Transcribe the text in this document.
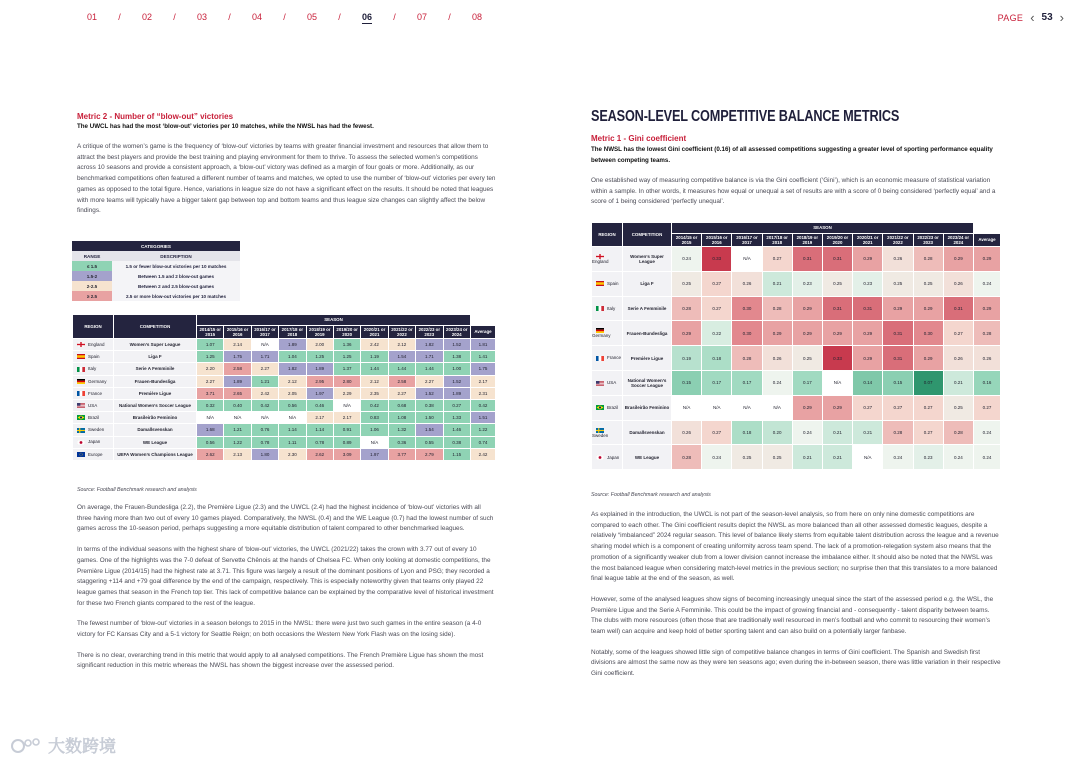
01	/	02	/	03	/	04	/	05	/	06	/	07	/	08	PAGE ‹ 53 ›
Metric 2 - Number of “blow-out” victories
The UWCL has had the most ‘blow-out’ victories per 10 matches, while the NWSL has had the fewest.
A critique of the women’s game is the frequency of ‘blow-out’ victories by teams with greater financial investment and resources that allow them to attract the best players and provide the best training and playing environment for them to thrive. To assess the selected women’s competitions across 10 seasons and provide a consistent approach, a ‘blow-out’ victory was defined as a margin of four goals or more. Additionally, as our benchmarked competitions often featured a different number of teams and matches, we opted to use the number of ‘blow-out’ victories per every ten games as opposed to the total figure. Hence, variations in league size do not have a significant effect on the results. It should be noted that leagues with more teams will typically have a bigger talent gap between top and bottom teams and thus league size changes can slightly affect the below findings.
CATEGORIES	
RANGE	DESCRIPTION
≤ 1.5	1.5 or fewer blow-out victories per 10 matches
1.5-2	Between 1.5 and 2 blow-out games
2-2.5	Between 2 and 2.5 blow-out games
≥ 2.5	2.5 or more blow-out victories per 10 matches
REGION	COMPETITION	SEASON										
		2014/15 or 2015	2015/16 or 2016	2016/17 or 2017	2017/18 or 2018	2018/19 or 2019	2019/20 or 2020	2020/21 or 2021	2021/22 or 2022	2022/23 or 2023	2023/24 or 2024	Average
England	Women’s Super League	1.07	2.14	N/A	1.89	2.00	1.36	2.42	2.12	1.82	1.52	1.81
Spain	Liga F	1.25	1.75	1.71	1.04	1.25	1.25	1.19	1.54	1.71	1.38	1.41
Italy	Serie A Femminile	2.20	2.58	2.27	1.82	1.89	1.37	1.44	1.44	1.44	1.00	1.75
Germany	Frauen-Bundesliga	2.27	1.89	1.21	2.12	2.95	2.80	2.12	2.58	2.27	1.52	2.17
France	Première Ligue	3.71	2.65	2.42	2.05	1.97	2.29	2.35	2.27	1.52	1.89	2.31
USA	National Women’s Soccer League	0.32	0.40	0.42	0.56	0.46	N/A	0.42	0.68	0.38	0.27	0.42
Brazil	Brasileirão Feminino	N/A	N/A	N/A	N/A	2.17	2.17	0.83	1.08	1.50	1.33	1.51
Sweden	Damallsvenskan	1.68	1.21	0.76	1.14	1.14	0.91	1.06	1.32	1.54	1.46	1.22
Japan	WE League	0.56	1.22	0.78	1.11	0.78	0.89	N/A	0.36	0.55	0.38	0.74
Europe	UEFA Women’s Champions League	2.62	2.13	1.80	2.30	2.62	3.09	1.97	3.77	2.79	1.15	2.42
Source: Football Benchmark research and analysis
On average, the Frauen-Bundesliga (2.2), the Première Ligue (2.3) and the UWCL (2.4) had the highest incidence of ‘blow-out’ victories with all three having more than two out of every 10 games played. Comparatively, the NWSL (0.4) and the WE League (0.7) had the lowest number of such games across the 10-season period, perhaps suggesting a more equitable distribution of talent compared to other benchmarked leagues.
In terms of the individual seasons with the highest share of ‘blow-out’ victories, the UWCL (2021/22) takes the crown with 3.77 out of every 10 games. One of the highlights was the 7-0 defeat of Servette Chênois at the hands of Chelsea FC. When only looking at domestic competitions, the Première Ligue (2014/15) had the highest rate at 3.71. This figure was largely a result of the dominant positions of Lyon and PSG; they recorded a staggering +114 and +79 goal difference by the end of the campaign, respectively. This is especially noteworthy given that teams only played 22 league games that season in the French top tier. This lack of competitive balance can be explained by the comparative level of historical investment for these two French giants compared to the rest of the league.
The fewest number of ‘blow-out’ victories in a season belongs to 2015 in the NWSL: there were just two such games in the entire season (a 4-0 victory for FC Kansas City and a 5-1 victory for Seattle Reign; on both occasions the Western New York Flash was on the losing side).
There is no clear, overarching trend in this metric that would apply to all analysed competitions. The French Première Ligue has shown the most significant reduction in this metric whereas the NWSL has shown the biggest increase over the assessed period.
SEASON-LEVEL COMPETITIVE BALANCE METRICS
Metric 1 - Gini coefficient
The NWSL has the lowest Gini coefficient (0.16) of all assessed competitions suggesting a greater level of sporting performance equality between competing teams.
One established way of measuring competitive balance is via the Gini coefficient (‘Gini’), which is an economic measure of statistical variation within a sample. In other words, it measures how equal or unequal a set of results are with a score of 0 being considered ‘perfectly equal’ and a score of 1 being considered ‘perfectly unequal’.
REGION	COMPETITION	SEASON										
		2014/15 or 2015	2015/16 or 2016	2016/17 or 2017	2017/18 or 2018	2018/19 or 2019	2019/20 or 2020	2020/21 or 2021	2021/22 or 2022	2022/23 or 2023	2023/24 or 2024	Average
England	Women’s Super League	0.24	0.33	N/A	0.27	0.31	0.31	0.29	0.26	0.28	0.29	0.29
Spain	Liga F	0.25	0.27	0.26	0.21	0.23	0.25	0.23	0.25	0.25	0.26	0.24
Italy	Serie A Femminile	0.28	0.27	0.30	0.28	0.29	0.31	0.31	0.29	0.29	0.31	0.29
Germany	Frauen-Bundesliga	0.29	0.22	0.30	0.29	0.29	0.29	0.29	0.31	0.30	0.27	0.28
France	Première Ligue	0.19	0.18	0.28	0.26	0.25	0.33	0.29	0.31	0.29	0.26	0.26
USA	National Women’s Soccer League	0.15	0.17	0.17	0.24	0.17	N/A	0.14	0.15	0.07	0.21	0.16
Brazil	Brasileirão Feminino	N/A	N/A	N/A	N/A	0.29	0.29	0.27	0.27	0.27	0.25	0.27
Sweden	Damallsvenskan	0.26	0.27	0.18	0.20	0.24	0.21	0.21	0.28	0.27	0.28	0.24
Japan	WE League	0.28	0.24	0.25	0.25	0.21	0.21	N/A	0.24	0.23	0.24	0.24
Source: Football Benchmark research and analysis
As explained in the introduction, the UWCL is not part of the season-level analysis, so from here on only nine domestic competitions are compared to each other. The Gini coefficient results depict the NWSL as more balanced than all other assessed domestic leagues, despite a relatively “imbalanced” 2024 regular season. This level of balance likely stems from equitable talent distribution across the league and a revenue sharing model which is a component of creating uniformity across team spend. The lack of a promotion-relegation system also means that the promotion of a significantly weaker club from a lower division cannot increase the imbalance either. It should also be noted that the NWSL was the most balanced league when considering match-level metrics in the previous section; no surprise then that this translates to a more balanced final league table at the end of the season, as well.
However, some of the analysed leagues show signs of becoming increasingly unequal since the start of the assessed period e.g. the WSL, the Première Ligue and the Serie A Femminile. This could be the impact of growing financial and - consequently - talent disparity between teams. The clubs with more resources (often those that are traditionally well resourced in men’s football and who commit to resourcing their women’s team well) can acquire and keep hold of better sporting talent and can also build on a potentially larger fanbase.
Notably, some of the leagues showed little sign of competitive balance changes in terms of Gini coefficient. The Spanish and Swedish first divisions are almost the same now as they were ten seasons ago; even during the in-between season, there was little variation in their respective Gini coefficient.
大数跨境
